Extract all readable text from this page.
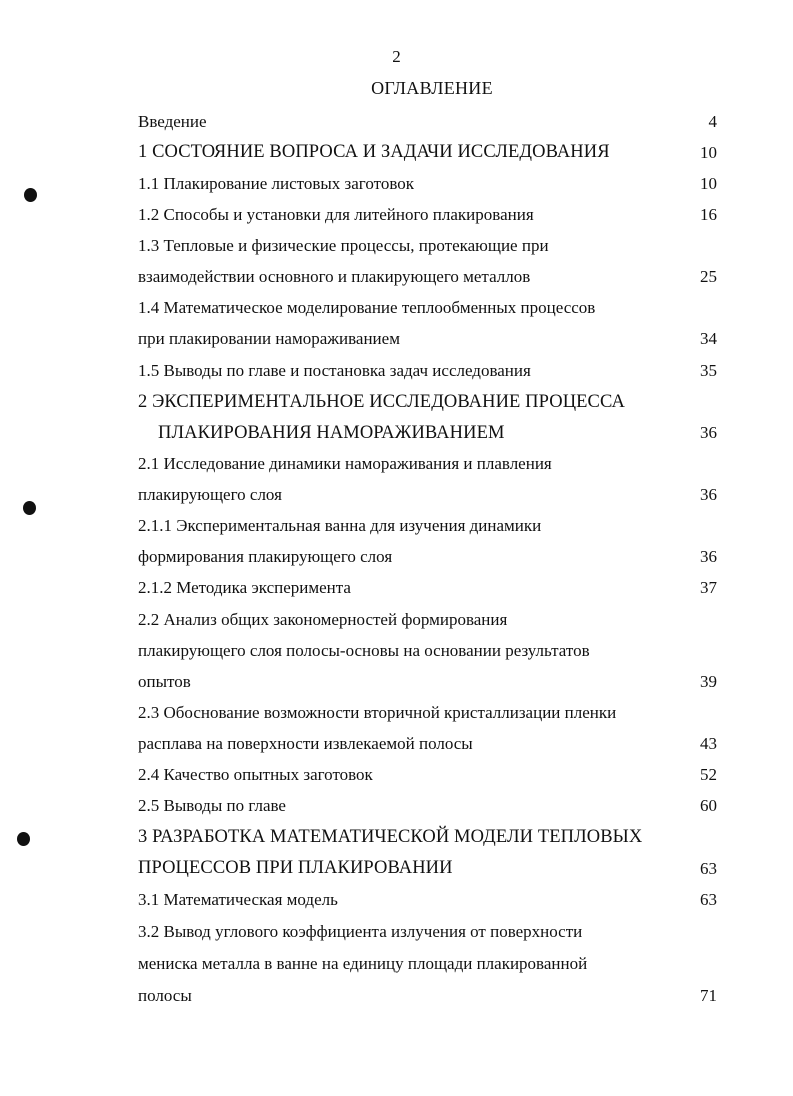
2
ОГЛАВЛЕНИЕ
Введение	4
1 СОСТОЯНИЕ ВОПРОСА И ЗАДАЧИ ИССЛЕДОВАНИЯ	10
1.1 Плакирование листовых заготовок	10
1.2 Способы и установки для литейного плакирования	16
1.3 Тепловые и физические процессы, протекающие при
взаимодействии основного и плакирующего металлов	25
1.4 Математическое моделирование теплообменных процессов
при плакировании намораживанием	34
1.5 Выводы по главе и постановка задач исследования	35
2 ЭКСПЕРИМЕНТАЛЬНОЕ ИССЛЕДОВАНИЕ ПРОЦЕССА
ПЛАКИРОВАНИЯ НАМОРАЖИВАНИЕМ	36
2.1 Исследование динамики намораживания и плавления
плакирующего слоя	36
2.1.1 Экспериментальная ванна для изучения динамики
формирования плакирующего слоя	36
2.1.2 Методика эксперимента	37
2.2 Анализ общих закономерностей формирования
плакирующего слоя полосы-основы на основании результатов
опытов	39
2.3 Обоснование возможности вторичной кристаллизации пленки
расплава на поверхности извлекаемой полосы	43
2.4 Качество опытных заготовок	52
2.5 Выводы по главе	60
3 РАЗРАБОТКА МАТЕМАТИЧЕСКОЙ МОДЕЛИ ТЕПЛОВЫХ
ПРОЦЕССОВ ПРИ ПЛАКИРОВАНИИ	63
3.1 Математическая модель	63
3.2 Вывод углового коэффициента излучения от поверхности
мениска металла в ванне на единицу площади плакированной
полосы	71
